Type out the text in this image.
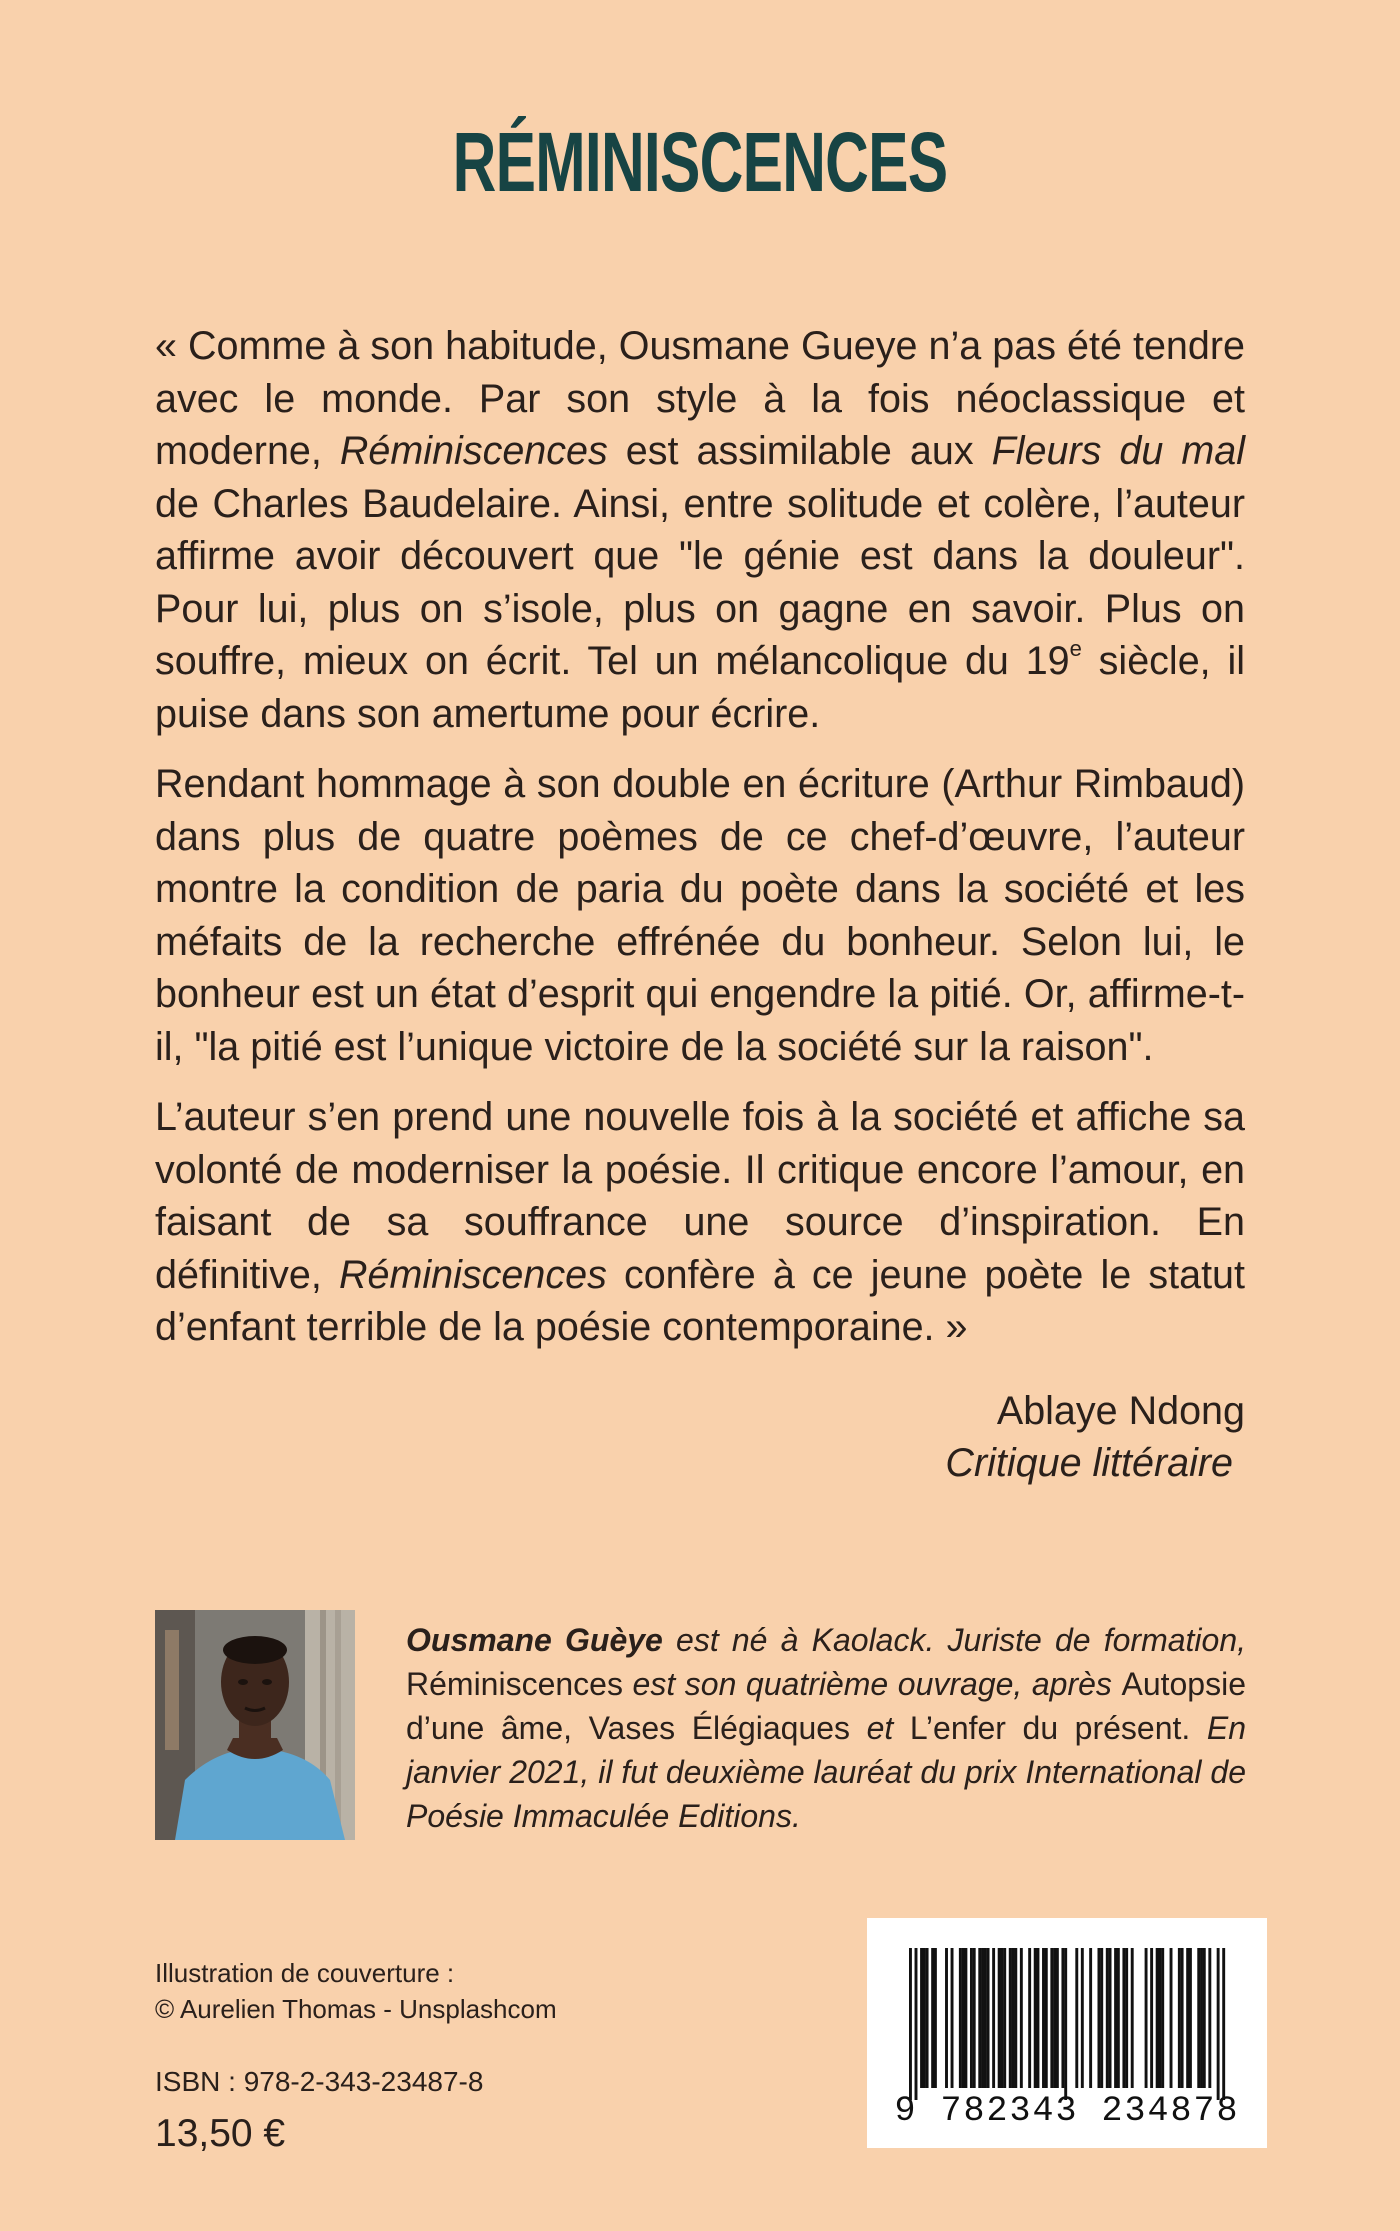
RÉMINISCENCES

« Comme à son habitude, Ousmane Gueye n’a pas été tendre avec le monde. Par son style à la fois néoclassique et moderne, Réminiscences est assimilable aux Fleurs du mal de Charles Baudelaire. Ainsi, entre solitude et colère, l’auteur affirme avoir découvert que "le génie est dans la douleur". Pour lui, plus on s’isole, plus on gagne en savoir. Plus on souffre, mieux on écrit. Tel un mélancolique du 19e siècle, il puise dans son amertume pour écrire.

Rendant hommage à son double en écriture (Arthur Rimbaud) dans plus de quatre poèmes de ce chef-d’œuvre, l’auteur montre la condition de paria du poète dans la société et les méfaits de la recherche effrénée du bonheur. Selon lui, le bonheur est un état d’esprit qui engendre la pitié. Or, affirme-t-il, "la pitié est l’unique victoire de la société sur la raison".

L’auteur s’en prend une nouvelle fois à la société et affiche sa volonté de moderniser la poésie. Il critique encore l’amour, en faisant de sa souffrance une source d’inspiration. En définitive, Réminiscences confère à ce jeune poète le statut d’enfant terrible de la poésie contemporaine. »

Ablaye Ndong
Critique littéraire
Ousmane Guèye est né à Kaolack. Juriste de formation, Réminiscences est son quatrième ouvrage, après Autopsie d’une âme, Vases Élégiaques et L’enfer du présent. En janvier 2021, il fut deuxième lauréat du prix International de Poésie Immaculée Editions.
Illustration de couverture :
© Aurelien Thomas - Unsplashcom
ISBN : 978-2-343-23487-8
13,50 €
9 782343 234878
